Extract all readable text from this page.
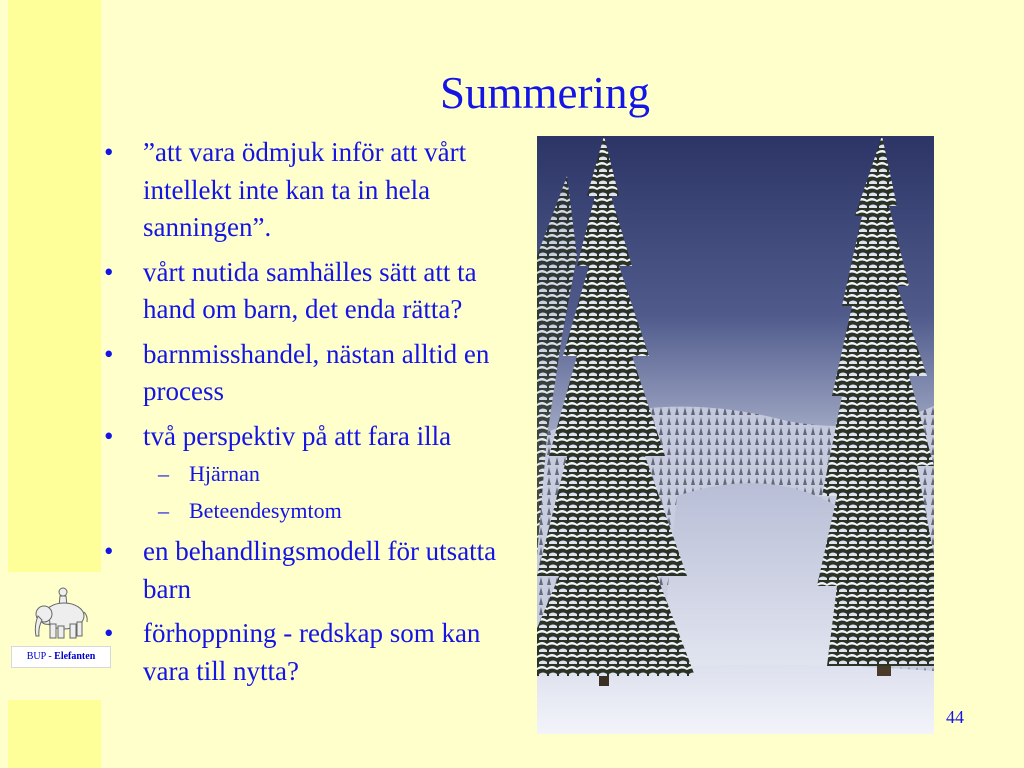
BUP - Elefanten
Summering
• ”att vara ödmjuk inför att vårt intellekt inte kan ta in hela sanningen”.
• vårt nutida samhälles sätt att ta hand om barn, det enda rätta?
• barnmisshandel, nästan alltid en process
• två perspektiv på att fara illa
– Hjärnan
– Beteendesymtom
• en behandlingsmodell för utsatta barn
• förhoppning - redskap som kan vara till nytta?
44
